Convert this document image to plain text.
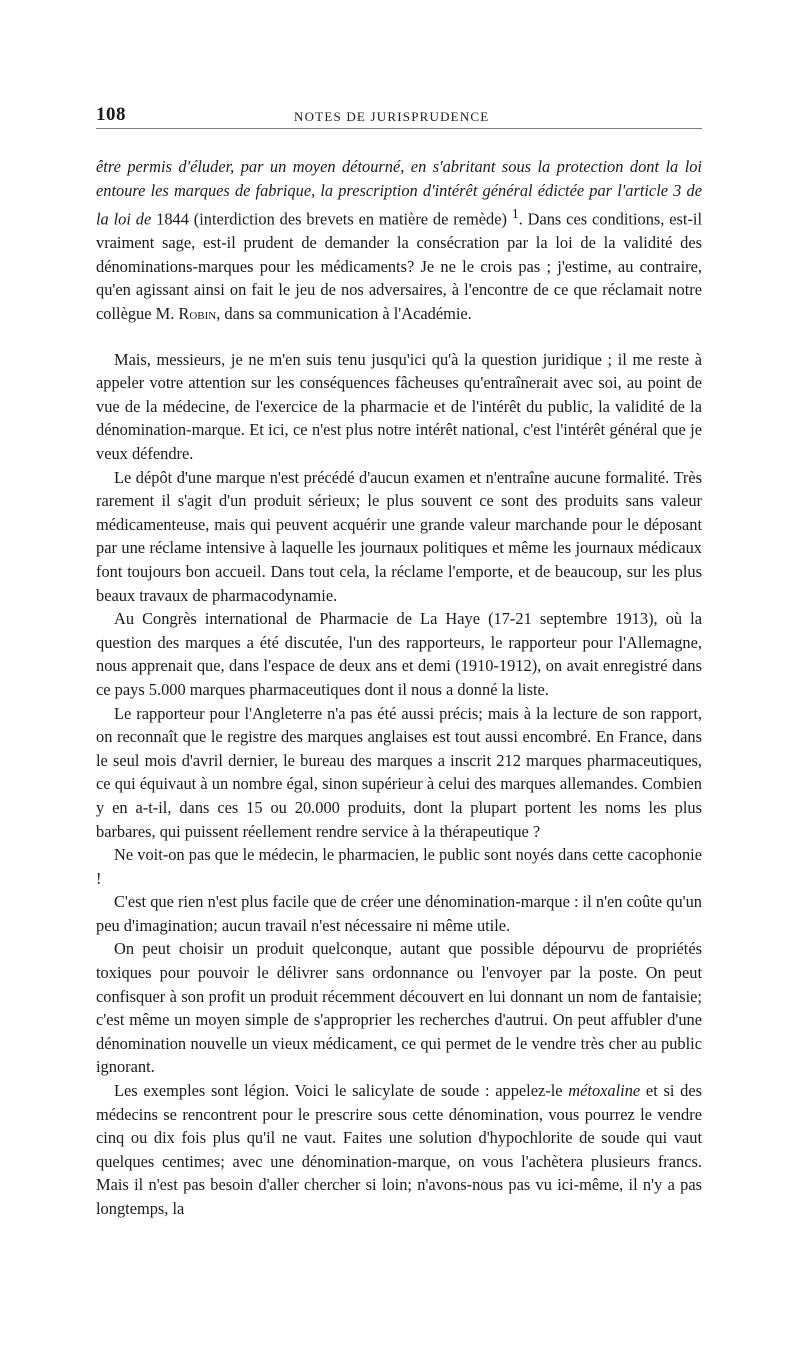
108	NOTES DE JURISPRUDENCE

être permis d'éluder, par un moyen détourné, en s'abritant sous la protection dont la loi entoure les marques de fabrique, la prescription d'intérêt général édictée par l'article 3 de la loi de 1844 (interdiction des brevets en matière de remède) $^1$. Dans ces conditions, est-il vraiment sage, est-il prudent de demander la consécration par la loi de la validité des dénominations-marques pour les médicaments? Je ne le crois pas ; j'estime, au contraire, qu'en agissant ainsi on fait le jeu de nos adversaires, à l'encontre de ce que réclamait notre collègue M. Robin, dans sa communication à l'Académie.

Mais, messieurs, je ne m'en suis tenu jusqu'ici qu'à la question juridique ; il me reste à appeler votre attention sur les conséquences fâcheuses qu'entraînerait avec soi, au point de vue de la médecine, de l'exercice de la pharmacie et de l'intérêt du public, la validité de la dénomination-marque. Et ici, ce n'est plus notre intérêt national, c'est l'intérêt général que je veux défendre.

Le dépôt d'une marque n'est précédé d'aucun examen et n'entraîne aucune formalité. Très rarement il s'agit d'un produit sérieux; le plus souvent ce sont des produits sans valeur médicamenteuse, mais qui peuvent acquérir une grande valeur marchande pour le déposant par une réclame intensive à laquelle les journaux politiques et même les journaux médicaux font toujours bon accueil. Dans tout cela, la réclame l'emporte, et de beaucoup, sur les plus beaux travaux de pharmacodynamie.

Au Congrès international de Pharmacie de La Haye (17-21 septembre 1913), où la question des marques a été discutée, l'un des rapporteurs, le rapporteur pour l'Allemagne, nous apprenait que, dans l'espace de deux ans et demi (1910-1912), on avait enregistré dans ce pays 5.000 marques pharmaceutiques dont il nous a donné la liste.

Le rapporteur pour l'Angleterre n'a pas été aussi précis; mais à la lecture de son rapport, on reconnaît que le registre des marques anglaises est tout aussi encombré. En France, dans le seul mois d'avril dernier, le bureau des marques a inscrit 212 marques pharmaceutiques, ce qui équivaut à un nombre égal, sinon supérieur à celui des marques allemandes. Combien y en a-t-il, dans ces 15 ou 20.000 produits, dont la plupart portent les noms les plus barbares, qui puissent réellement rendre service à la thérapeutique ?

Ne voit-on pas que le médecin, le pharmacien, le public sont noyés dans cette cacophonie !

C'est que rien n'est plus facile que de créer une dénomination-marque : il n'en coûte qu'un peu d'imagination; aucun travail n'est nécessaire ni même utile.

On peut choisir un produit quelconque, autant que possible dépourvu de propriétés toxiques pour pouvoir le délivrer sans ordonnance ou l'envoyer par la poste. On peut confisquer à son profit un produit récemment découvert en lui donnant un nom de fantaisie; c'est même un moyen simple de s'approprier les recherches d'autrui. On peut affubler d'une dénomination nouvelle un vieux médicament, ce qui permet de le vendre très cher au public ignorant.

Les exemples sont légion. Voici le salicylate de soude : appelez-le métoxaline et si des médecins se rencontrent pour le prescrire sous cette dénomination, vous pourrez le vendre cinq ou dix fois plus qu'il ne vaut. Faites une solution d'hypochlorite de soude qui vaut quelques centimes; avec une dénomination-marque, on vous l'achètera plusieurs francs. Mais il n'est pas besoin d'aller chercher si loin; n'avons-nous pas vu ici-même, il n'y a pas longtemps, la
